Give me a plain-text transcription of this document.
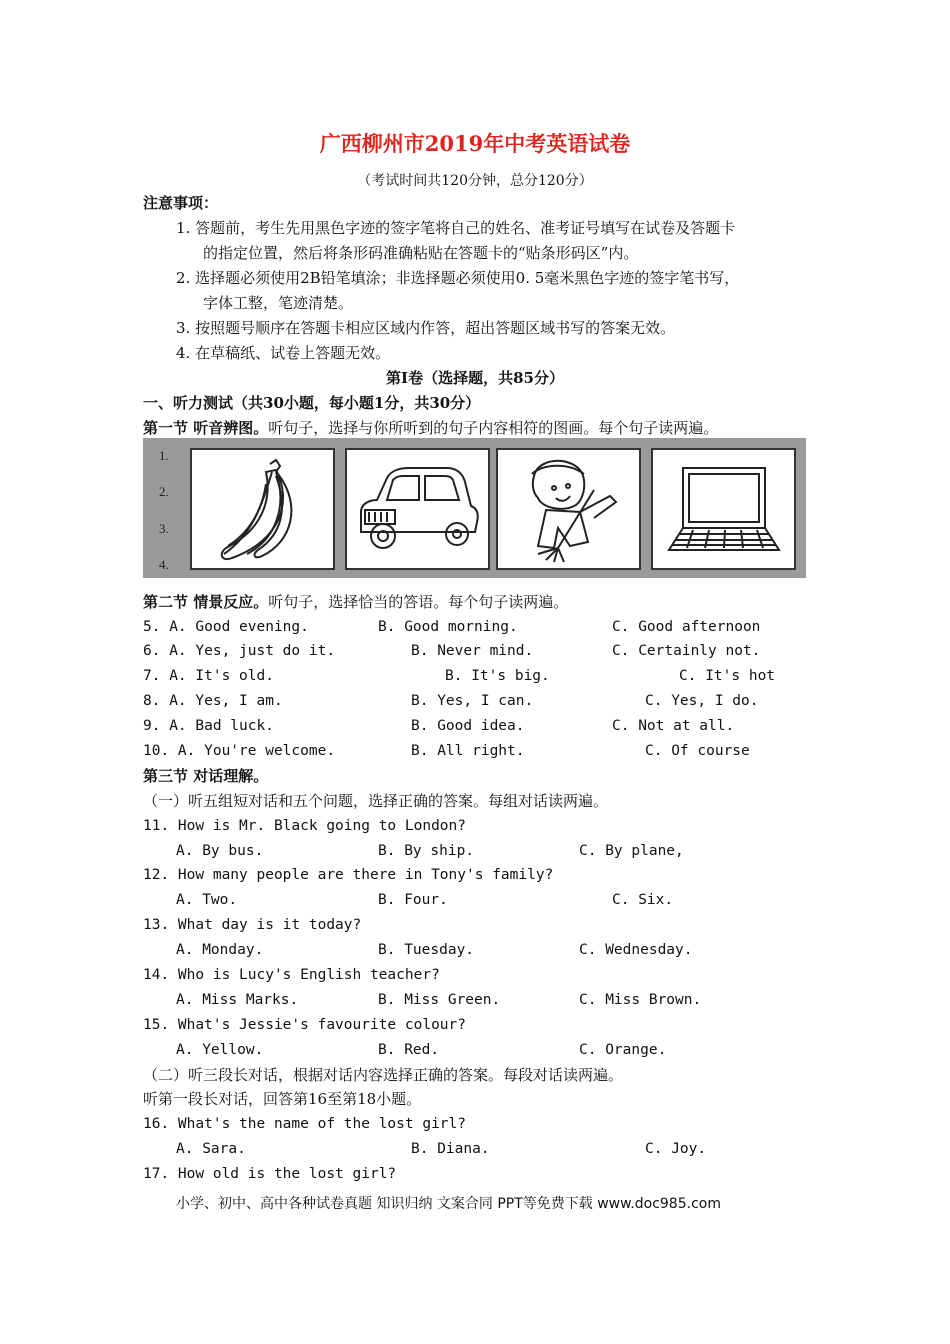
广西柳州市2019年中考英语试卷
（考试时间共120分钟，总分120分）
注意事项：
1. 答题前，考生先用黑色字迹的签字笔将自己的姓名、准考证号填写在试卷及答题卡
的指定位置，然后将条形码准确粘贴在答题卡的“贴条形码区”内。
2. 选择题必须使用2B铅笔填涂；非选择题必须使用0. 5毫米黑色字迹的签字笔书写，
字体工整，笔迹清楚。
3. 按照题号顺序在答题卡相应区域内作答，超出答题区域书写的答案无效。
4. 在草稿纸、试卷上答题无效。
第Ⅰ卷（选择题，共85分）
一、听力测试（共30小题，每小题1分，共30分）
第一节 听音辨图。听句子，选择与你所听到的句子内容相符的图画。每个句子读两遍。
1.
2.
3.
4.
第二节 情景反应。听句子，选择恰当的答语。每个句子读两遍。
5. A. Good evening.	B. Good morning.	C. Good afternoon
6. A. Yes, just do it.	B. Never mind.	C. Certainly not.
7. A. It's old.	B. It's big.	C. It's hot
8. A. Yes, I am.	B. Yes, I can.	C. Yes, I do.
9. A. Bad luck.	B. Good idea.	C. Not at all.
10. A. You're welcome.	B. All right.	C. Of course
第三节 对话理解。
（一）听五组短对话和五个问题，选择正确的答案。每组对话读两遍。
11. How is Mr. Black going to London?
A. By bus.	B. By ship.	C. By plane,
12. How many people are there in Tony's family?
A. Two.	B. Four.	C. Six.
13. What day is it today?
A. Monday.	B. Tuesday.	C. Wednesday.
14. Who is Lucy's English teacher?
A. Miss Marks.	B. Miss Green.	C. Miss Brown.
15. What's Jessie's favourite colour?
A. Yellow.	B. Red.	C. Orange.
（二）听三段长对话，根据对话内容选择正确的答案。每段对话读两遍。
听第一段长对话，回答第16至第18小题。
16. What's the name of the lost girl?
A. Sara.	B. Diana.	C. Joy.
17. How old is the lost girl?
小学、初中、高中各种试卷真题 知识归纳 文案合同 PPT等免费下载 www.doc985.com
